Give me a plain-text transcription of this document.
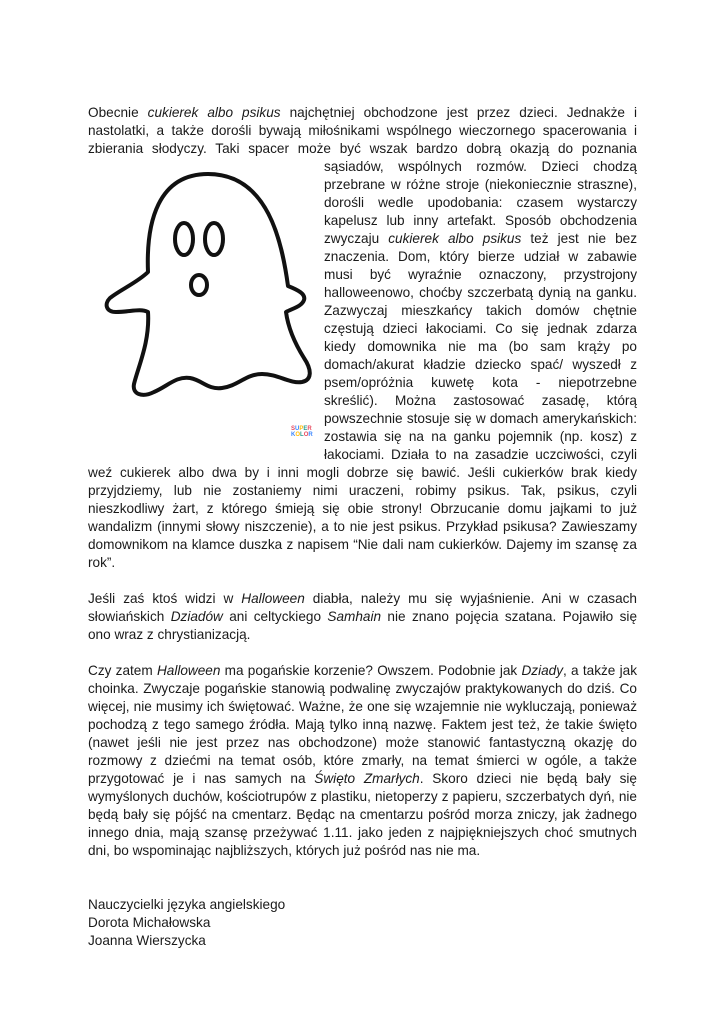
SUPER
KOLOR
Obecnie cukierek albo psikus najchętniej obchodzone jest przez dzieci. Jednakże i nastolatki, a także dorośli bywają miłośnikami wspólnego wieczornego spacerowania i zbierania słodyczy. Taki spacer może być wszak bardzo dobrą okazją do poznania sąsiadów, wspólnych rozmów. Dzieci chodzą przebrane w różne stroje (niekoniecznie straszne), dorośli wedle upodobania: czasem wystarczy kapelusz lub inny artefakt. Sposób obchodzenia zwyczaju cukierek albo psikus też jest nie bez znaczenia. Dom, który bierze udział w zabawie musi być wyraźnie oznaczony, przystrojony halloweenowo, choćby szczerbatą dynią na ganku. Zazwyczaj mieszkańcy takich domów chętnie częstują dzieci łakociami. Co się jednak zdarza kiedy domownika nie ma (bo sam krąży po domach/akurat kładzie dziecko spać/ wyszedł z psem/opróżnia kuwetę kota - niepotrzebne skreślić). Można zastosować zasadę, którą powszechnie stosuje się w domach amerykańskich: zostawia się na na ganku pojemnik (np. kosz) z łakociami. Działa to na zasadzie uczciwości, czyli weź cukierek albo dwa by i inni mogli dobrze się bawić. Jeśli cukierków brak kiedy przyjdziemy, lub nie zostaniemy nimi uraczeni, robimy psikus. Tak, psikus, czyli nieszkodliwy żart, z którego śmieją się obie strony! Obrzucanie domu jajkami to już wandalizm (innymi słowy niszczenie), a to nie jest psikus. Przykład psikusa? Zawieszamy domownikom na klamce duszka z napisem “Nie dali nam cukierków. Dajemy im szansę za rok”.

Jeśli zaś ktoś widzi w Halloween diabła, należy mu się wyjaśnienie. Ani w czasach słowiańskich Dziadów ani celtyckiego Samhain nie znano pojęcia szatana. Pojawiło się ono wraz z chrystianizacją.

Czy zatem Halloween ma pogańskie korzenie? Owszem. Podobnie jak Dziady, a także jak choinka. Zwyczaje pogańskie stanowią podwalinę zwyczajów praktykowanych do dziś. Co więcej, nie musimy ich świętować. Ważne, że one się wzajemnie nie wykluczają, ponieważ pochodzą z tego samego źródła. Mają tylko inną nazwę. Faktem jest też, że takie święto (nawet jeśli nie jest przez nas obchodzone) może stanowić fantastyczną okazję do rozmowy z dziećmi na temat osób, które zmarły, na temat śmierci w ogóle, a także przygotować je i nas samych na Święto Zmarłych. Skoro dzieci nie będą bały się wymyślonych duchów, kościotrupów z plastiku, nietoperzy z papieru, szczerbatych dyń, nie będą bały się pójść na cmentarz. Będąc na cmentarzu pośród morza zniczy, jak żadnego innego dnia, mają szansę przeżywać 1.11. jako jeden z najpiękniejszych choć smutnych dni, bo wspominając najbliższych, których już pośród nas nie ma.

Nauczycielki języka angielskiego

Dorota Michałowska

Joanna Wierszycka
